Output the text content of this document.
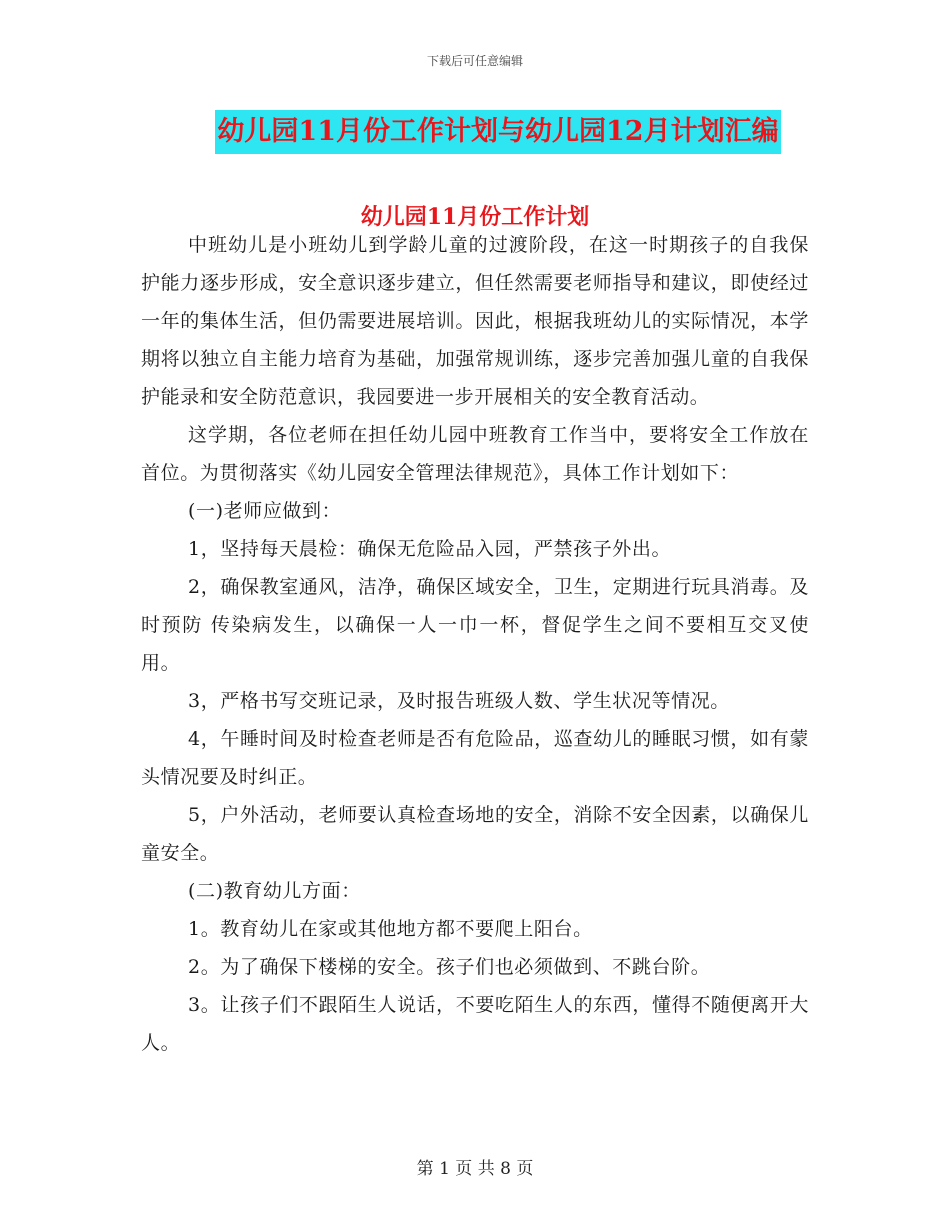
下载后可任意编辑
幼儿园11月份工作计划与幼儿园12月计划汇编
幼儿园11月份工作计划

中班幼儿是小班幼儿到学龄儿童的过渡阶段，在这一时期孩子的自我保护能力逐步形成，安全意识逐步建立，但任然需要老师指导和建议，即使经过一年的集体生活，但仍需要进展培训。因此，根据我班幼儿的实际情况，本学期将以独立自主能力培育为基础，加强常规训练，逐步完善加强儿童的自我保护能录和安全防范意识，我园要进一步开展相关的安全教育活动。

这学期，各位老师在担任幼儿园中班教育工作当中，要将安全工作放在首位。为贯彻落实《幼儿园安全管理法律规范》，具体工作计划如下：

(一)老师应做到：

1，坚持每天晨检：确保无危险品入园，严禁孩子外出。

2，确保教室通风，洁净，确保区域安全，卫生，定期进行玩具消毒。及时预防 传染病发生，以确保一人一巾一杯，督促学生之间不要相互交叉使用。

3，严格书写交班记录，及时报告班级人数、学生状况等情况。

4，午睡时间及时检查老师是否有危险品，巡查幼儿的睡眠习惯，如有蒙头情况要及时纠正。

5，户外活动，老师要认真检查场地的安全，消除不安全因素，以确保儿童安全。

(二)教育幼儿方面：

1。教育幼儿在家或其他地方都不要爬上阳台。

2。为了确保下楼梯的安全。孩子们也必须做到、不跳台阶。

3。让孩子们不跟陌生人说话，不要吃陌生人的东西，懂得不随便离开大人。

第 1 页 共 8 页
